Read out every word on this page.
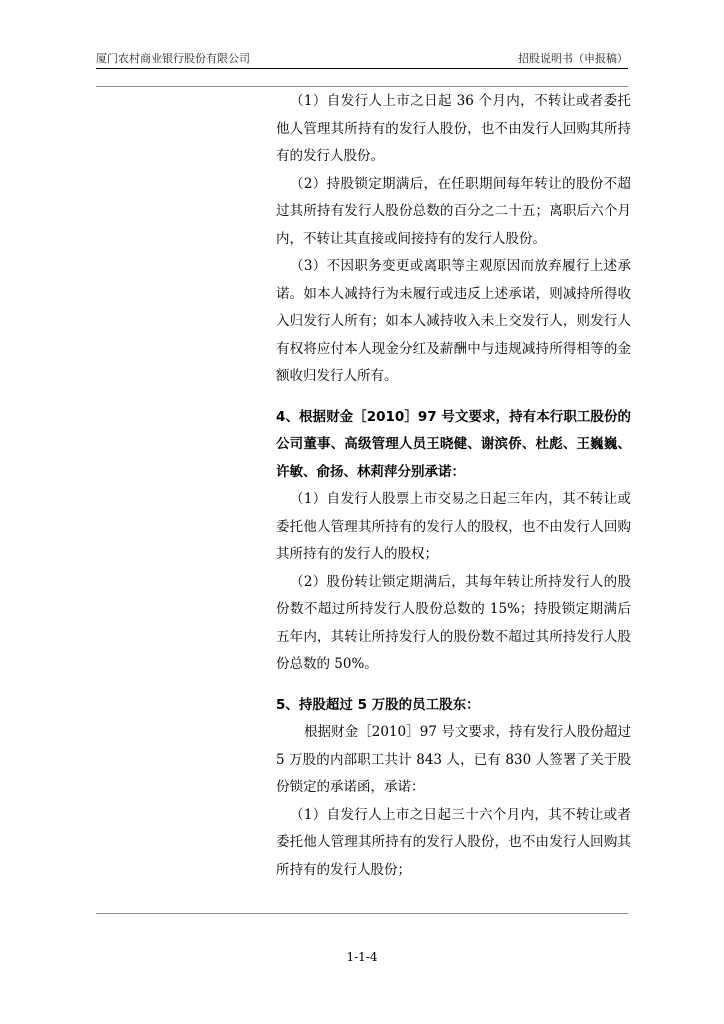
厦门农村商业银行股份有限公司	招股说明书（申报稿）

（1）自发行人上市之日起 36 个月内，不转让或者委托他人管理其所持有的发行人股份，也不由发行人回购其所持有的发行人股份。

（2）持股锁定期满后，在任职期间每年转让的股份不超过其所持有发行人股份总数的百分之二十五；离职后六个月内，不转让其直接或间接持有的发行人股份。

（3）不因职务变更或离职等主观原因而放弃履行上述承诺。如本人减持行为未履行或违反上述承诺，则减持所得收入归发行人所有；如本人减持收入未上交发行人，则发行人有权将应付本人现金分红及薪酬中与违规减持所得相等的金额收归发行人所有。

4、根据财金［2010］97 号文要求，持有本行职工股份的公司董事、高级管理人员王晓健、谢滨侨、杜彪、王巍巍、许敏、俞扬、林莉萍分别承诺：

（1）自发行人股票上市交易之日起三年内，其不转让或委托他人管理其所持有的发行人的股权，也不由发行人回购其所持有的发行人的股权；

（2）股份转让锁定期满后，其每年转让所持发行人的股份数不超过所持发行人股份总数的 15%；持股锁定期满后五年内，其转让所持发行人的股份数不超过其所持发行人股份总数的 50%。

5、持股超过 5 万股的员工股东：

根据财金［2010］97 号文要求，持有发行人股份超过 5 万股的内部职工共计 843 人，已有 830 人签署了关于股份锁定的承诺函，承诺：

（1）自发行人上市之日起三十六个月内，其不转让或者委托他人管理其所持有的发行人股份，也不由发行人回购其所持有的发行人股份；

1-1-4
